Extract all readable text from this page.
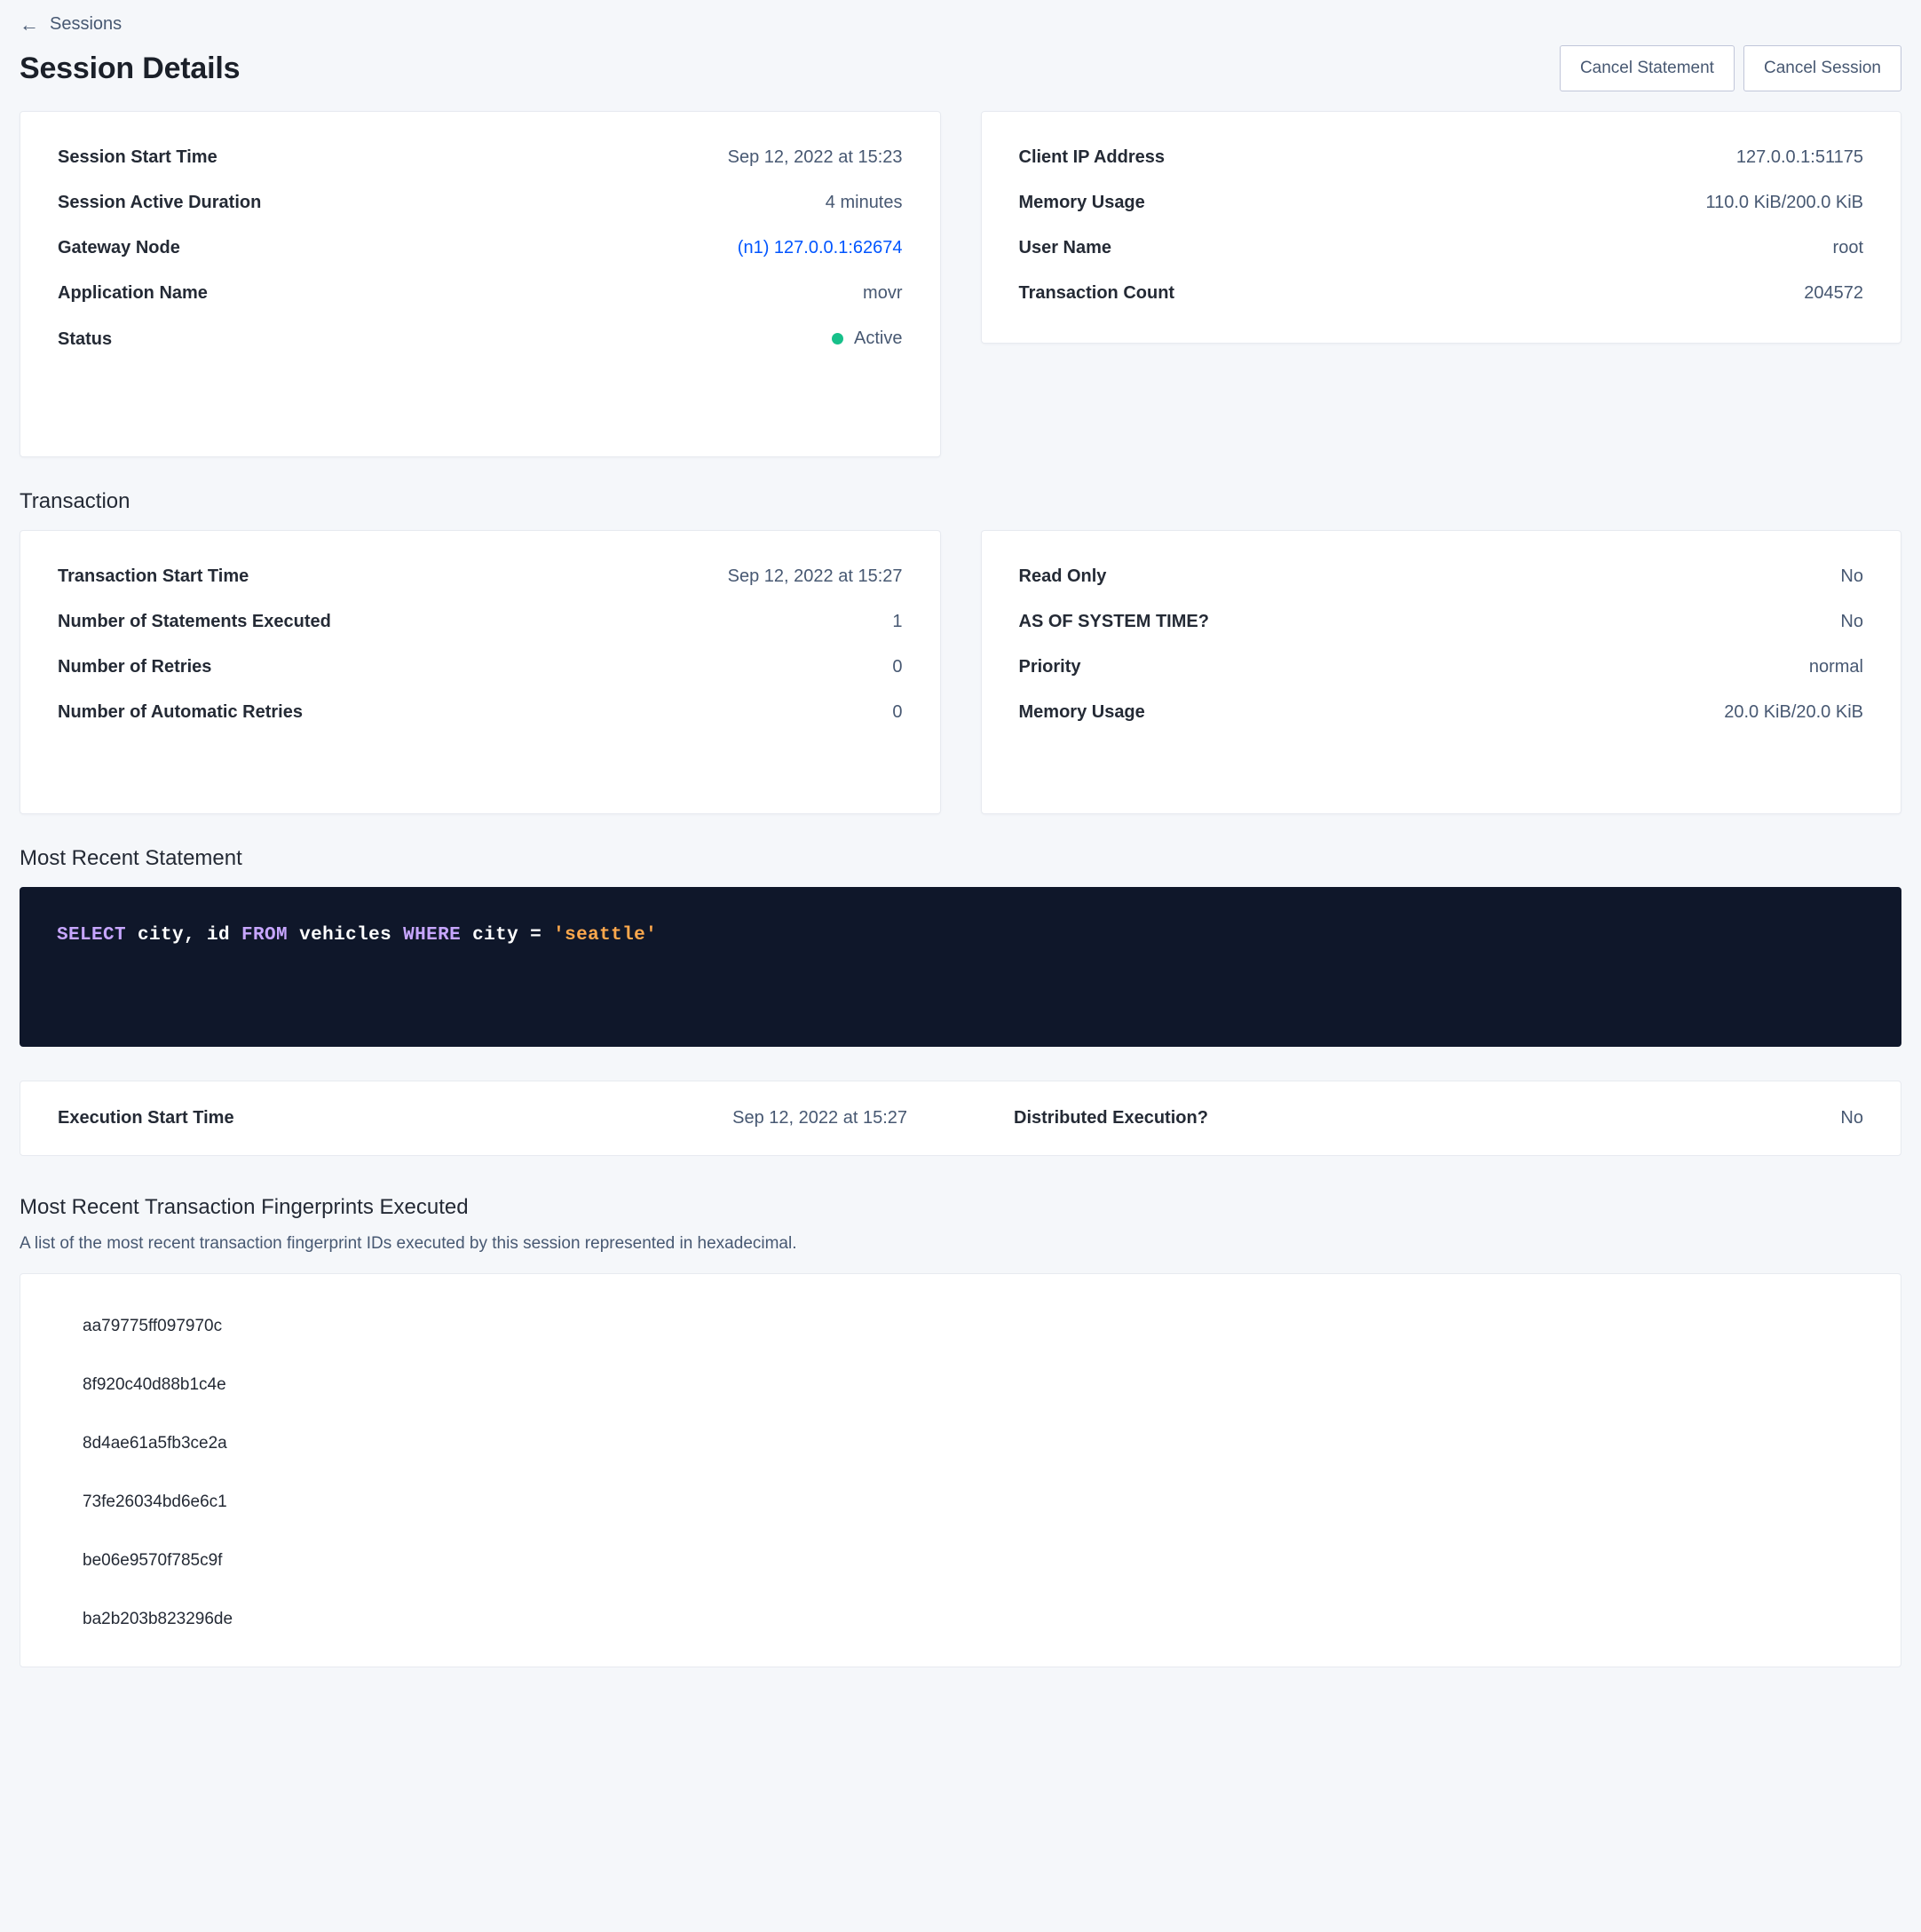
← Sessions
Session Details	Cancel Statement	Cancel Session
Session Start Time	Sep 12, 2022 at 15:23
Session Active Duration	4 minutes
Gateway Node	(n1) 127.0.0.1:62674
Application Name	movr
Status	Active
Client IP Address	127.0.0.1:51175
Memory Usage	110.0 KiB/200.0 KiB
User Name	root
Transaction Count	204572
Transaction
Transaction Start Time	Sep 12, 2022 at 15:27
Number of Statements Executed	1
Number of Retries	0
Number of Automatic Retries	0
Read Only	No
AS OF SYSTEM TIME?	No
Priority	normal
Memory Usage	20.0 KiB/20.0 KiB
Most Recent Statement
SELECT city, id FROM vehicles WHERE city = 'seattle'
Execution Start Time	Sep 12, 2022 at 15:27	Distributed Execution?	No
Most Recent Transaction Fingerprints Executed
A list of the most recent transaction fingerprint IDs executed by this session represented in hexadecimal.
aa79775ff097970c
8f920c40d88b1c4e
8d4ae61a5fb3ce2a
73fe26034bd6e6c1
be06e9570f785c9f
ba2b203b823296de
